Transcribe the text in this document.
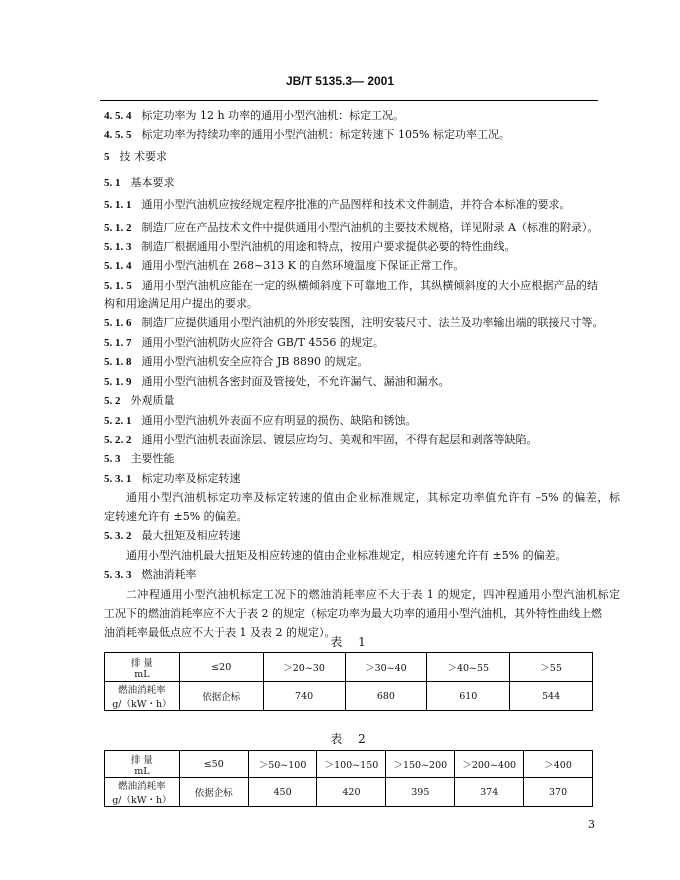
JB/T 5135.3— 2001
4. 5. 4 标定功率为 12 h 功率的通用小型汽油机：标定工况。
4. 5. 5 标定功率为持续功率的通用小型汽油机：标定转速下 105% 标定功率工况。
5 技 术要求
5. 1 基本要求
5. 1. 1 通用小型汽油机应按经规定程序批准的产品图样和技术文件制造，并符合本标准的要求。
5. 1. 2 制造厂应在产品技术文件中提供通用小型汽油机的主要技术规格，详见附录 A（标准的附录）。
5. 1. 3 制造厂根据通用小型汽油机的用途和特点，按用户要求提供必要的特性曲线。
5. 1. 4 通用小型汽油机在 268~313 K 的自然环境温度下保证正常工作。
5. 1. 5 通用小型汽油机应能在一定的纵横倾斜度下可靠地工作，其纵横倾斜度的大小应根据产品的结
构和用途满足用户提出的要求。
5. 1. 6 制造厂应提供通用小型汽油机的外形安装图，注明安装尺寸、法兰及功率输出端的联接尺寸等。
5. 1. 7 通用小型汽油机防火应符合 GB/T 4556 的规定。
5. 1. 8 通用小型汽油机安全应符合 JB 8890 的规定。
5. 1. 9 通用小型汽油机各密封面及管接处，不允许漏气、漏油和漏水。
5. 2 外观质量
5. 2. 1 通用小型汽油机外表面不应有明显的损伤、缺陷和锈蚀。
5. 2. 2 通用小型汽油机表面涂层、镀层应均匀、美观和牢固，不得有起层和剥落等缺陷。
5. 3 主要性能
5. 3. 1 标定功率及标定转速
通用小型汽油机标定功率及标定转速的值由企业标准规定，其标定功率值允许有 –5% 的偏差，标
定转速允许有 ±5% 的偏差。
5. 3. 2 最大扭矩及相应转速
通用小型汽油机最大扭矩及相应转速的值由企业标准规定，相应转速允许有 ±5% 的偏差。
5. 3. 3 燃油消耗率
二冲程通用小型汽油机标定工况下的燃油消耗率应不大于表 1 的规定，四冲程通用小型汽油机标定
工况下的燃油消耗率应不大于表 2 的规定（标定功率为最大功率的通用小型汽油机，其外特性曲线上燃
油消耗率最低点应不大于表 1 及表 2 的规定）。
表 1
排 量
mL	≤20	＞20~30	＞30~40	＞40~55	＞55

燃油消耗率
g/（kW・h）	依据企标	740	680	610	544
表 2
排 量
mL	≤50	＞50~100	＞100~150	＞150~200	＞200~400	＞400

燃油消耗率
g/（kW・h）	依据企标	450	420	395	374	370
3
